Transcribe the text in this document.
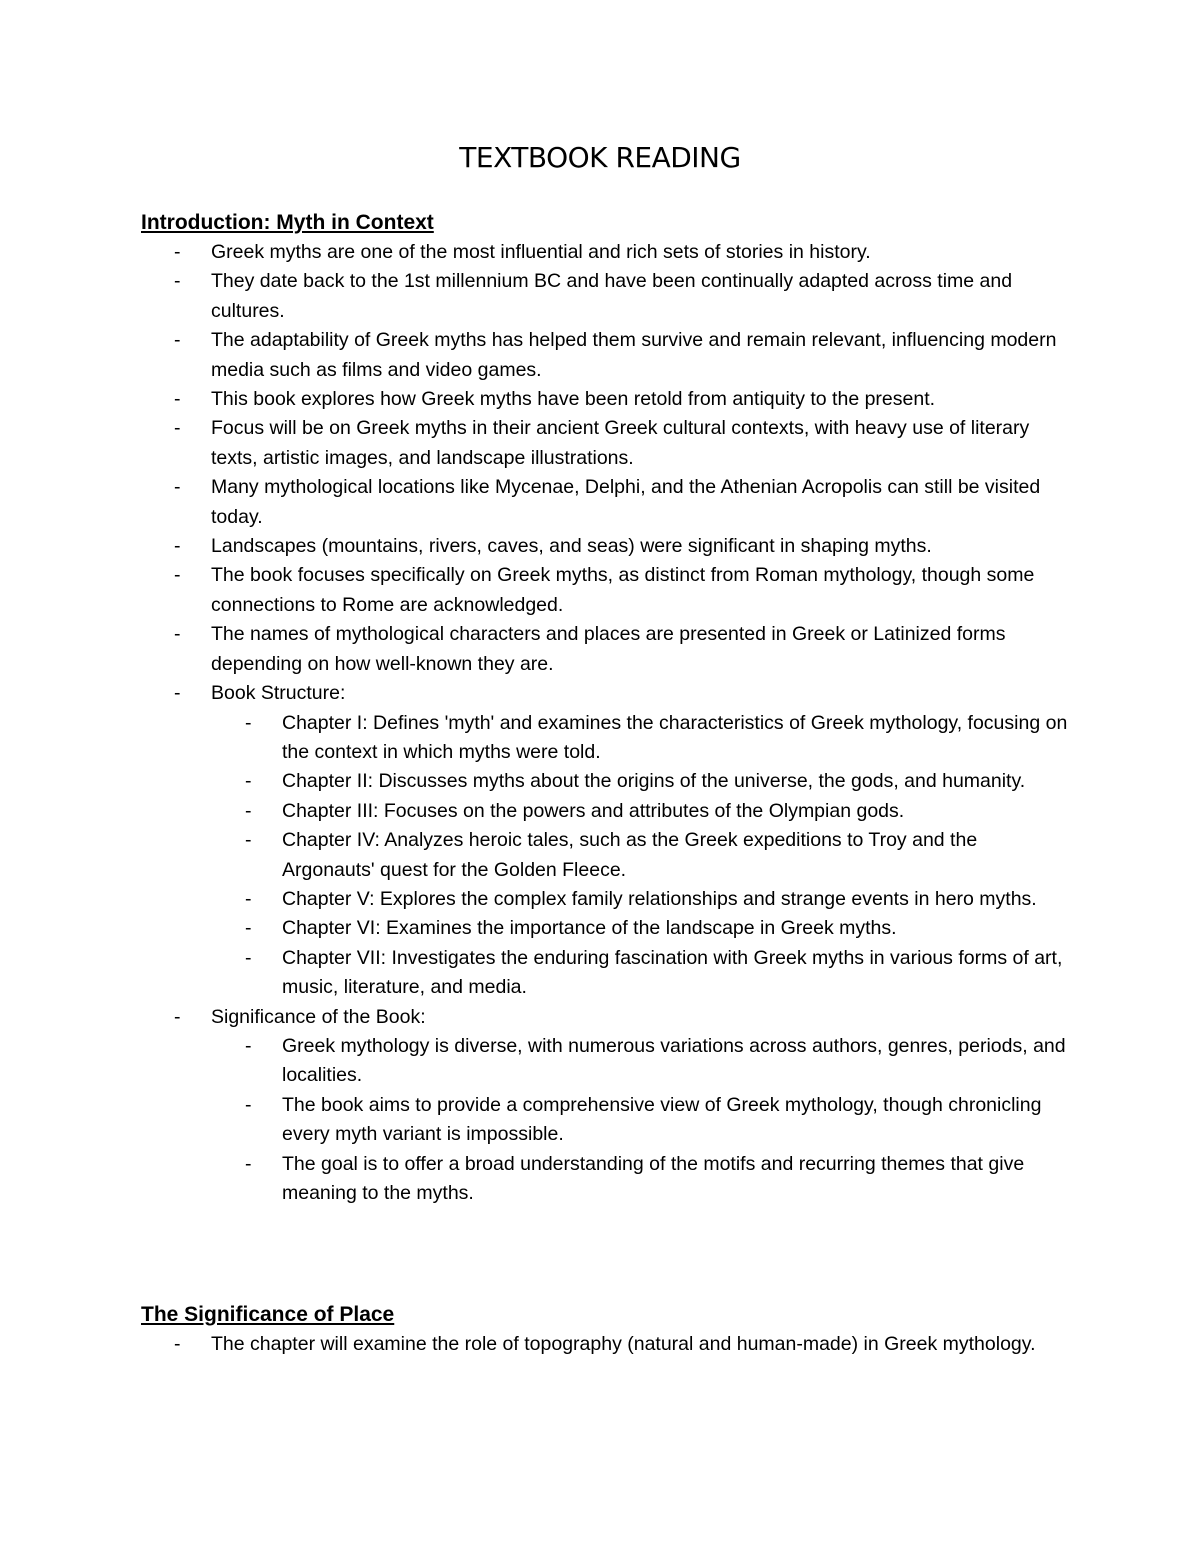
TEXTBOOK READING
Introduction: Myth in Context
- Greek myths are one of the most influential and rich sets of stories in history.
- They date back to the 1st millennium BC and have been continually adapted across time and cultures.
- The adaptability of Greek myths has helped them survive and remain relevant, influencing modern media such as films and video games.
- This book explores how Greek myths have been retold from antiquity to the present.
- Focus will be on Greek myths in their ancient Greek cultural contexts, with heavy use of literary texts, artistic images, and landscape illustrations.
- Many mythological locations like Mycenae, Delphi, and the Athenian Acropolis can still be visited today.
- Landscapes (mountains, rivers, caves, and seas) were significant in shaping myths.
- The book focuses specifically on Greek myths, as distinct from Roman mythology, though some connections to Rome are acknowledged.
- The names of mythological characters and places are presented in Greek or Latinized forms depending on how well-known they are.
- Book Structure:
- Chapter I: Defines 'myth' and examines the characteristics of Greek mythology, focusing on the context in which myths were told.
- Chapter II: Discusses myths about the origins of the universe, the gods, and humanity.
- Chapter III: Focuses on the powers and attributes of the Olympian gods.
- Chapter IV: Analyzes heroic tales, such as the Greek expeditions to Troy and the Argonauts' quest for the Golden Fleece.
- Chapter V: Explores the complex family relationships and strange events in hero myths.
- Chapter VI: Examines the importance of the landscape in Greek myths.
- Chapter VII: Investigates the enduring fascination with Greek myths in various forms of art, music, literature, and media.
- Significance of the Book:
- Greek mythology is diverse, with numerous variations across authors, genres, periods, and localities.
- The book aims to provide a comprehensive view of Greek mythology, though chronicling every myth variant is impossible.
- The goal is to offer a broad understanding of the motifs and recurring themes that give meaning to the myths.
The Significance of Place
- The chapter will examine the role of topography (natural and human-made) in Greek mythology.
